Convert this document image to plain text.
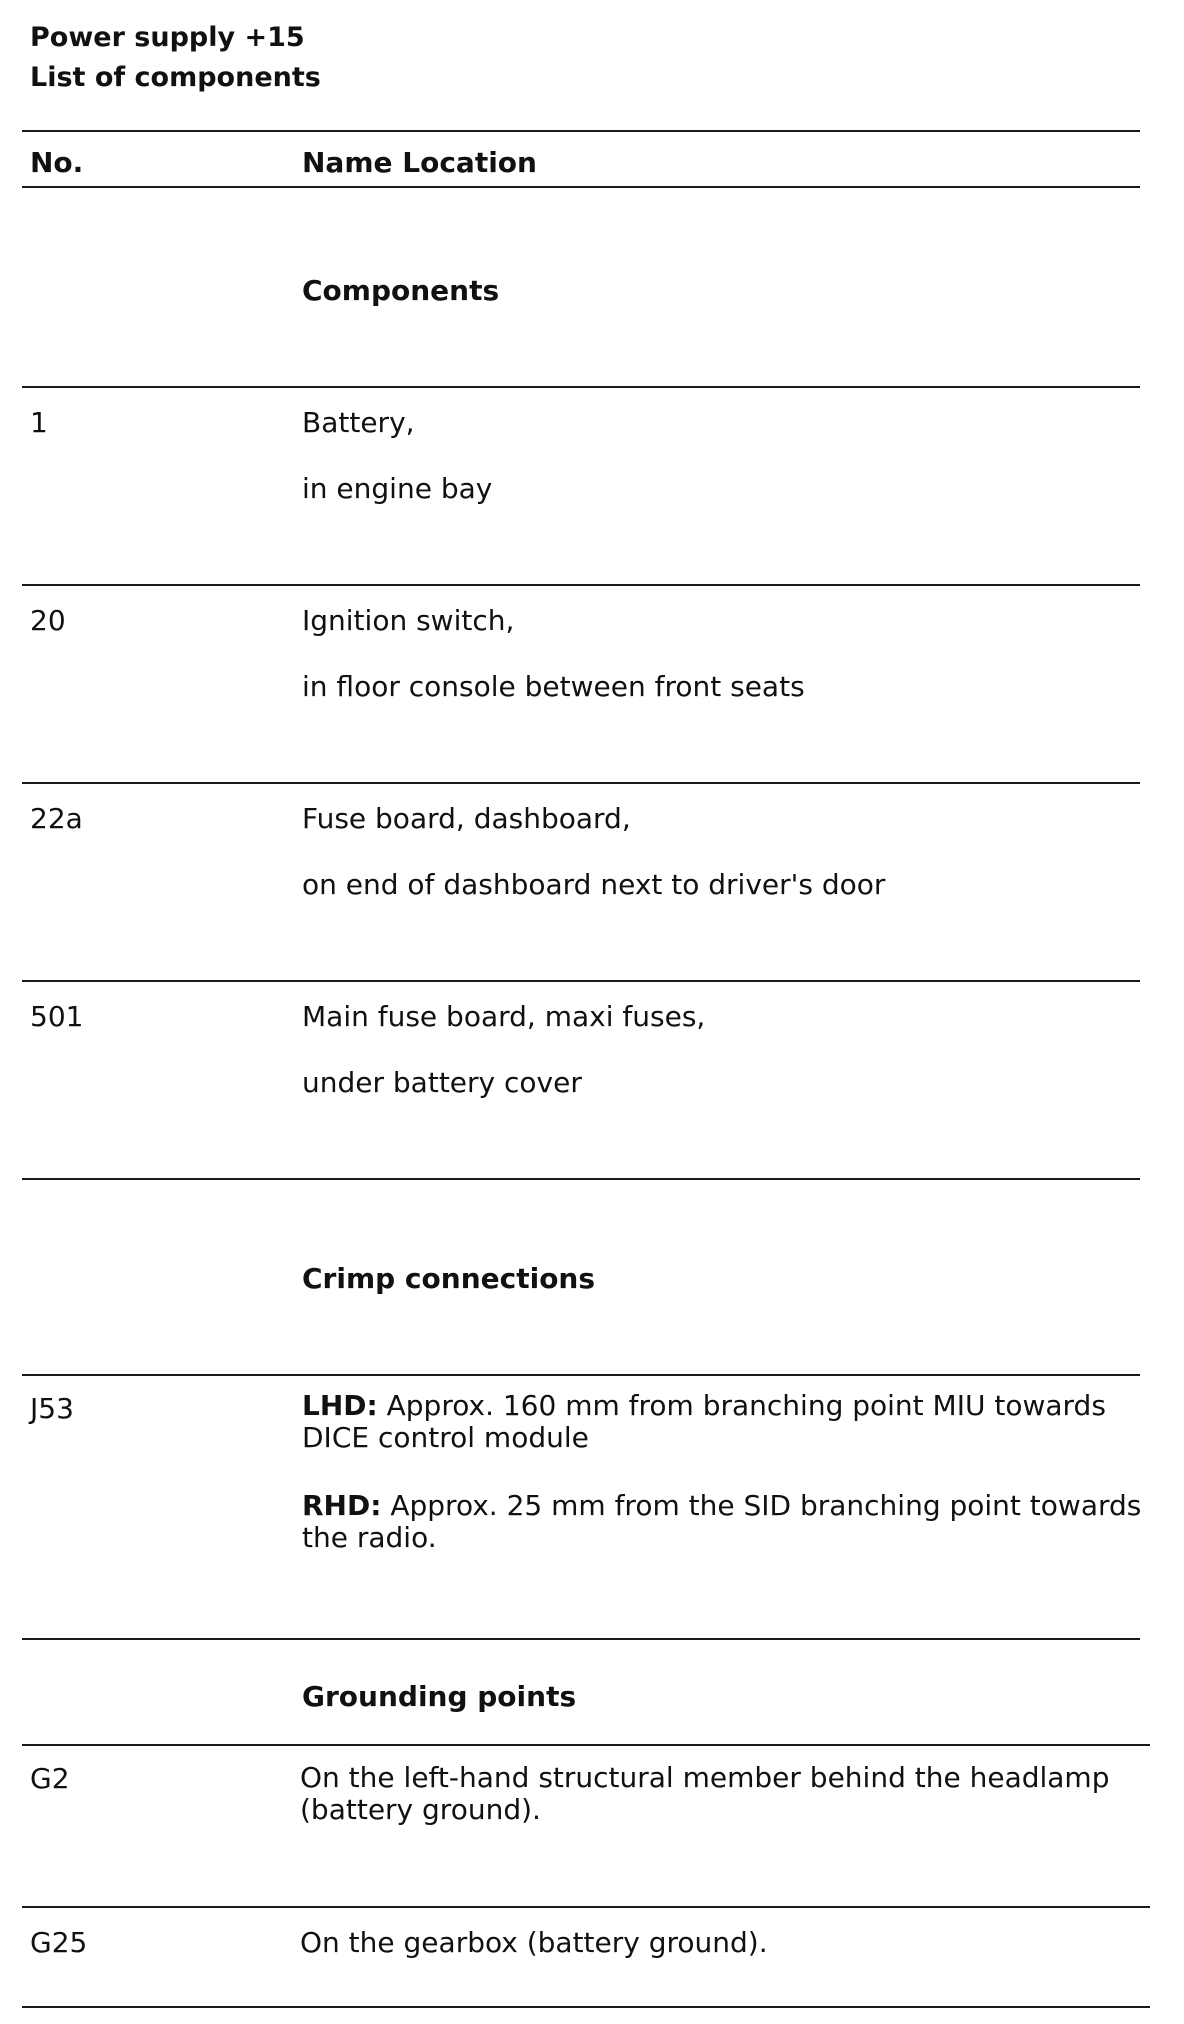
Power supply +15
List of components
No.	Name Location
Components
1	Battery,
in engine bay
20	Ignition switch,
in floor console between front seats
22a	Fuse board, dashboard,
on end of dashboard next to driver's door
501	Main fuse board, maxi fuses,
under battery cover
Crimp connections
J53	LHD: Approx. 160 mm from branching point MIU towards DICE control module
RHD: Approx. 25 mm from the SID branching point towards the radio.
Grounding points
G2	On the left-hand structural member behind the headlamp (battery ground).
G25	On the gearbox (battery ground).
